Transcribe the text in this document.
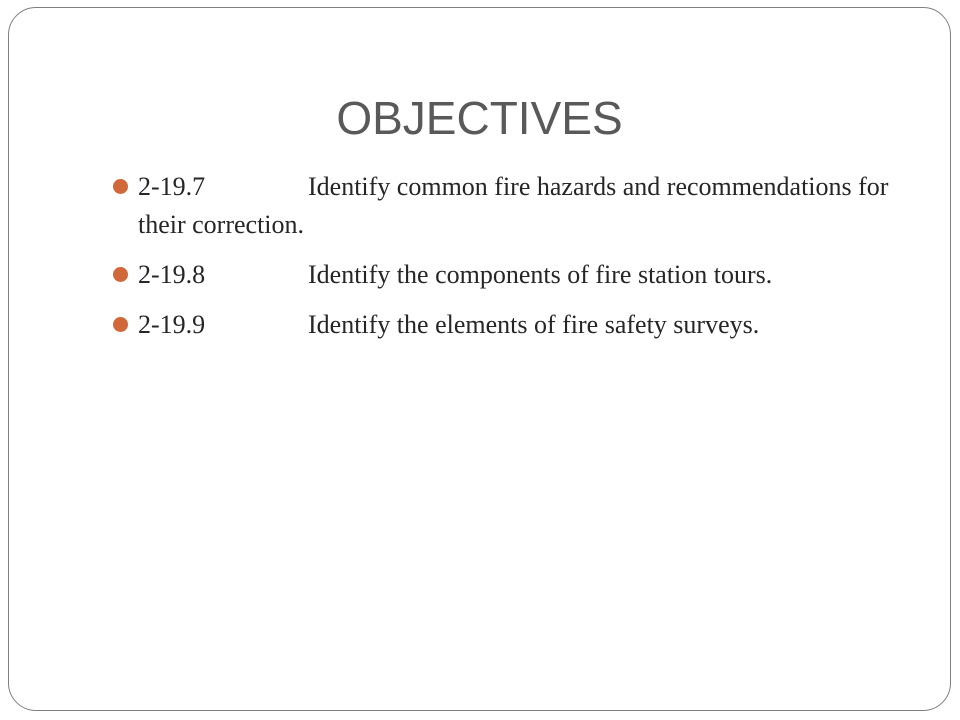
OBJECTIVES
2-19.7	Identify common fire hazards and recommendations for their correction.
2-19.8	Identify the components of fire station tours.
2-19.9	Identify the elements of fire safety surveys.
